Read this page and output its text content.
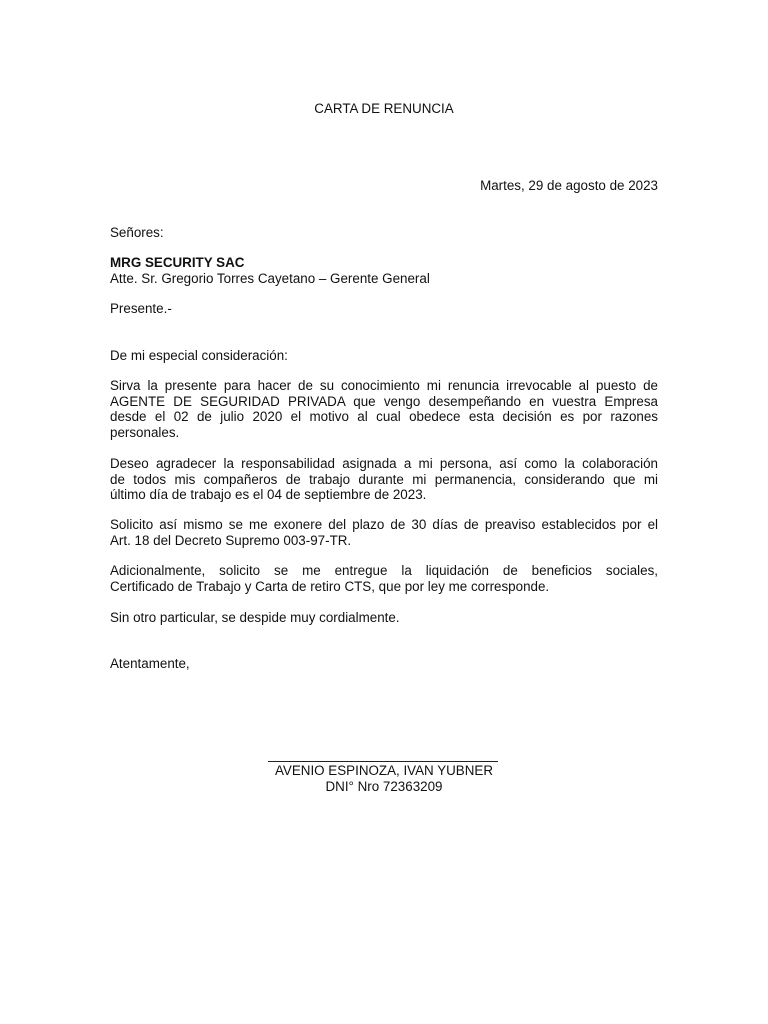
CARTA DE RENUNCIA
Martes, 29 de agosto de 2023
Señores:
MRG SECURITY SAC
Atte. Sr. Gregorio Torres Cayetano – Gerente General
Presente.-
De mi especial consideración:
Sirva la presente para hacer de su conocimiento mi renuncia irrevocable al puesto de
AGENTE DE SEGURIDAD PRIVADA que vengo desempeñando en vuestra Empresa
desde el 02 de julio 2020 el motivo al cual obedece esta decisión es por razones
personales.
Deseo agradecer la responsabilidad asignada a mi persona, así como la colaboración
de todos mis compañeros de trabajo durante mi permanencia, considerando que mi
último día de trabajo es el 04 de septiembre de 2023.
Solicito así mismo se me exonere del plazo de 30 días de preaviso establecidos por el
Art. 18 del Decreto Supremo 003-97-TR.
Adicionalmente, solicito se me entregue la liquidación de beneficios sociales,
Certificado de Trabajo y Carta de retiro CTS, que por ley me corresponde.
Sin otro particular, se despide muy cordialmente.
Atentamente,
AVENIO ESPINOZA, IVAN YUBNER
DNI° Nro 72363209
